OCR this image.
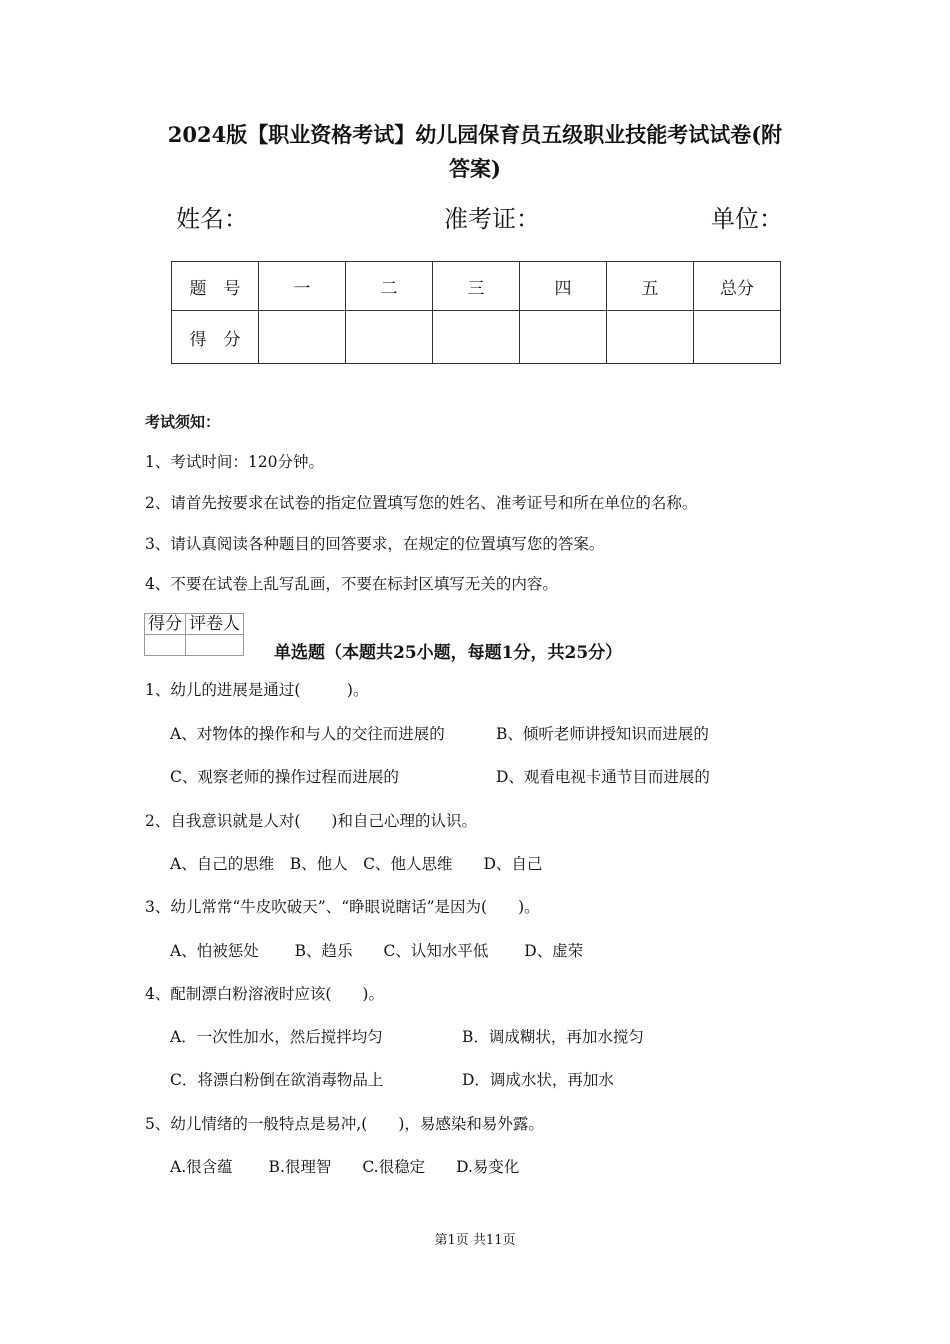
2024版【职业资格考试】幼儿园保育员五级职业技能考试试卷(附
答案)
姓名：	准考证：	单位：
题　号	一	二	三	四	五	总分
得　分						
考试须知：
1、考试时间：120分钟。
2、请首先按要求在试卷的指定位置填写您的姓名、准考证号和所在单位的名称。
3、请认真阅读各种题目的回答要求，在规定的位置填写您的答案。
4、不要在试卷上乱写乱画，不要在标封区填写无关的内容。
得分	评卷人

单选题（本题共25小题，每题1分，共25分）
1、幼儿的进展是通过(　　　)。
A、对物体的操作和与人的交往而进展的	B、倾听老师讲授知识而进展的
C、观察老师的操作过程而进展的	D、观看电视卡通节目而进展的
2、自我意识就是人对(　　)和自己心理的认识。
A、自己的思维　B、他人　C、他人思维　　D、自己
3、幼儿常常“牛皮吹破天”、“睁眼说瞎话”是因为(　　)。
A、怕被惩处　　 B、趋乐　　C、认知水平低　　 D、虚荣
4、配制漂白粉溶液时应该(　　)。
A．一次性加水，然后搅拌均匀	B．调成糊状，再加水搅匀
C．将漂白粉倒在欲消毒物品上	D．调成水状，再加水
5、幼儿情绪的一般特点是易冲,(　　)，易感染和易外露。
A.很含蕴　　 B.很理智　　C.很稳定　　D.易变化
第1页 共11页
